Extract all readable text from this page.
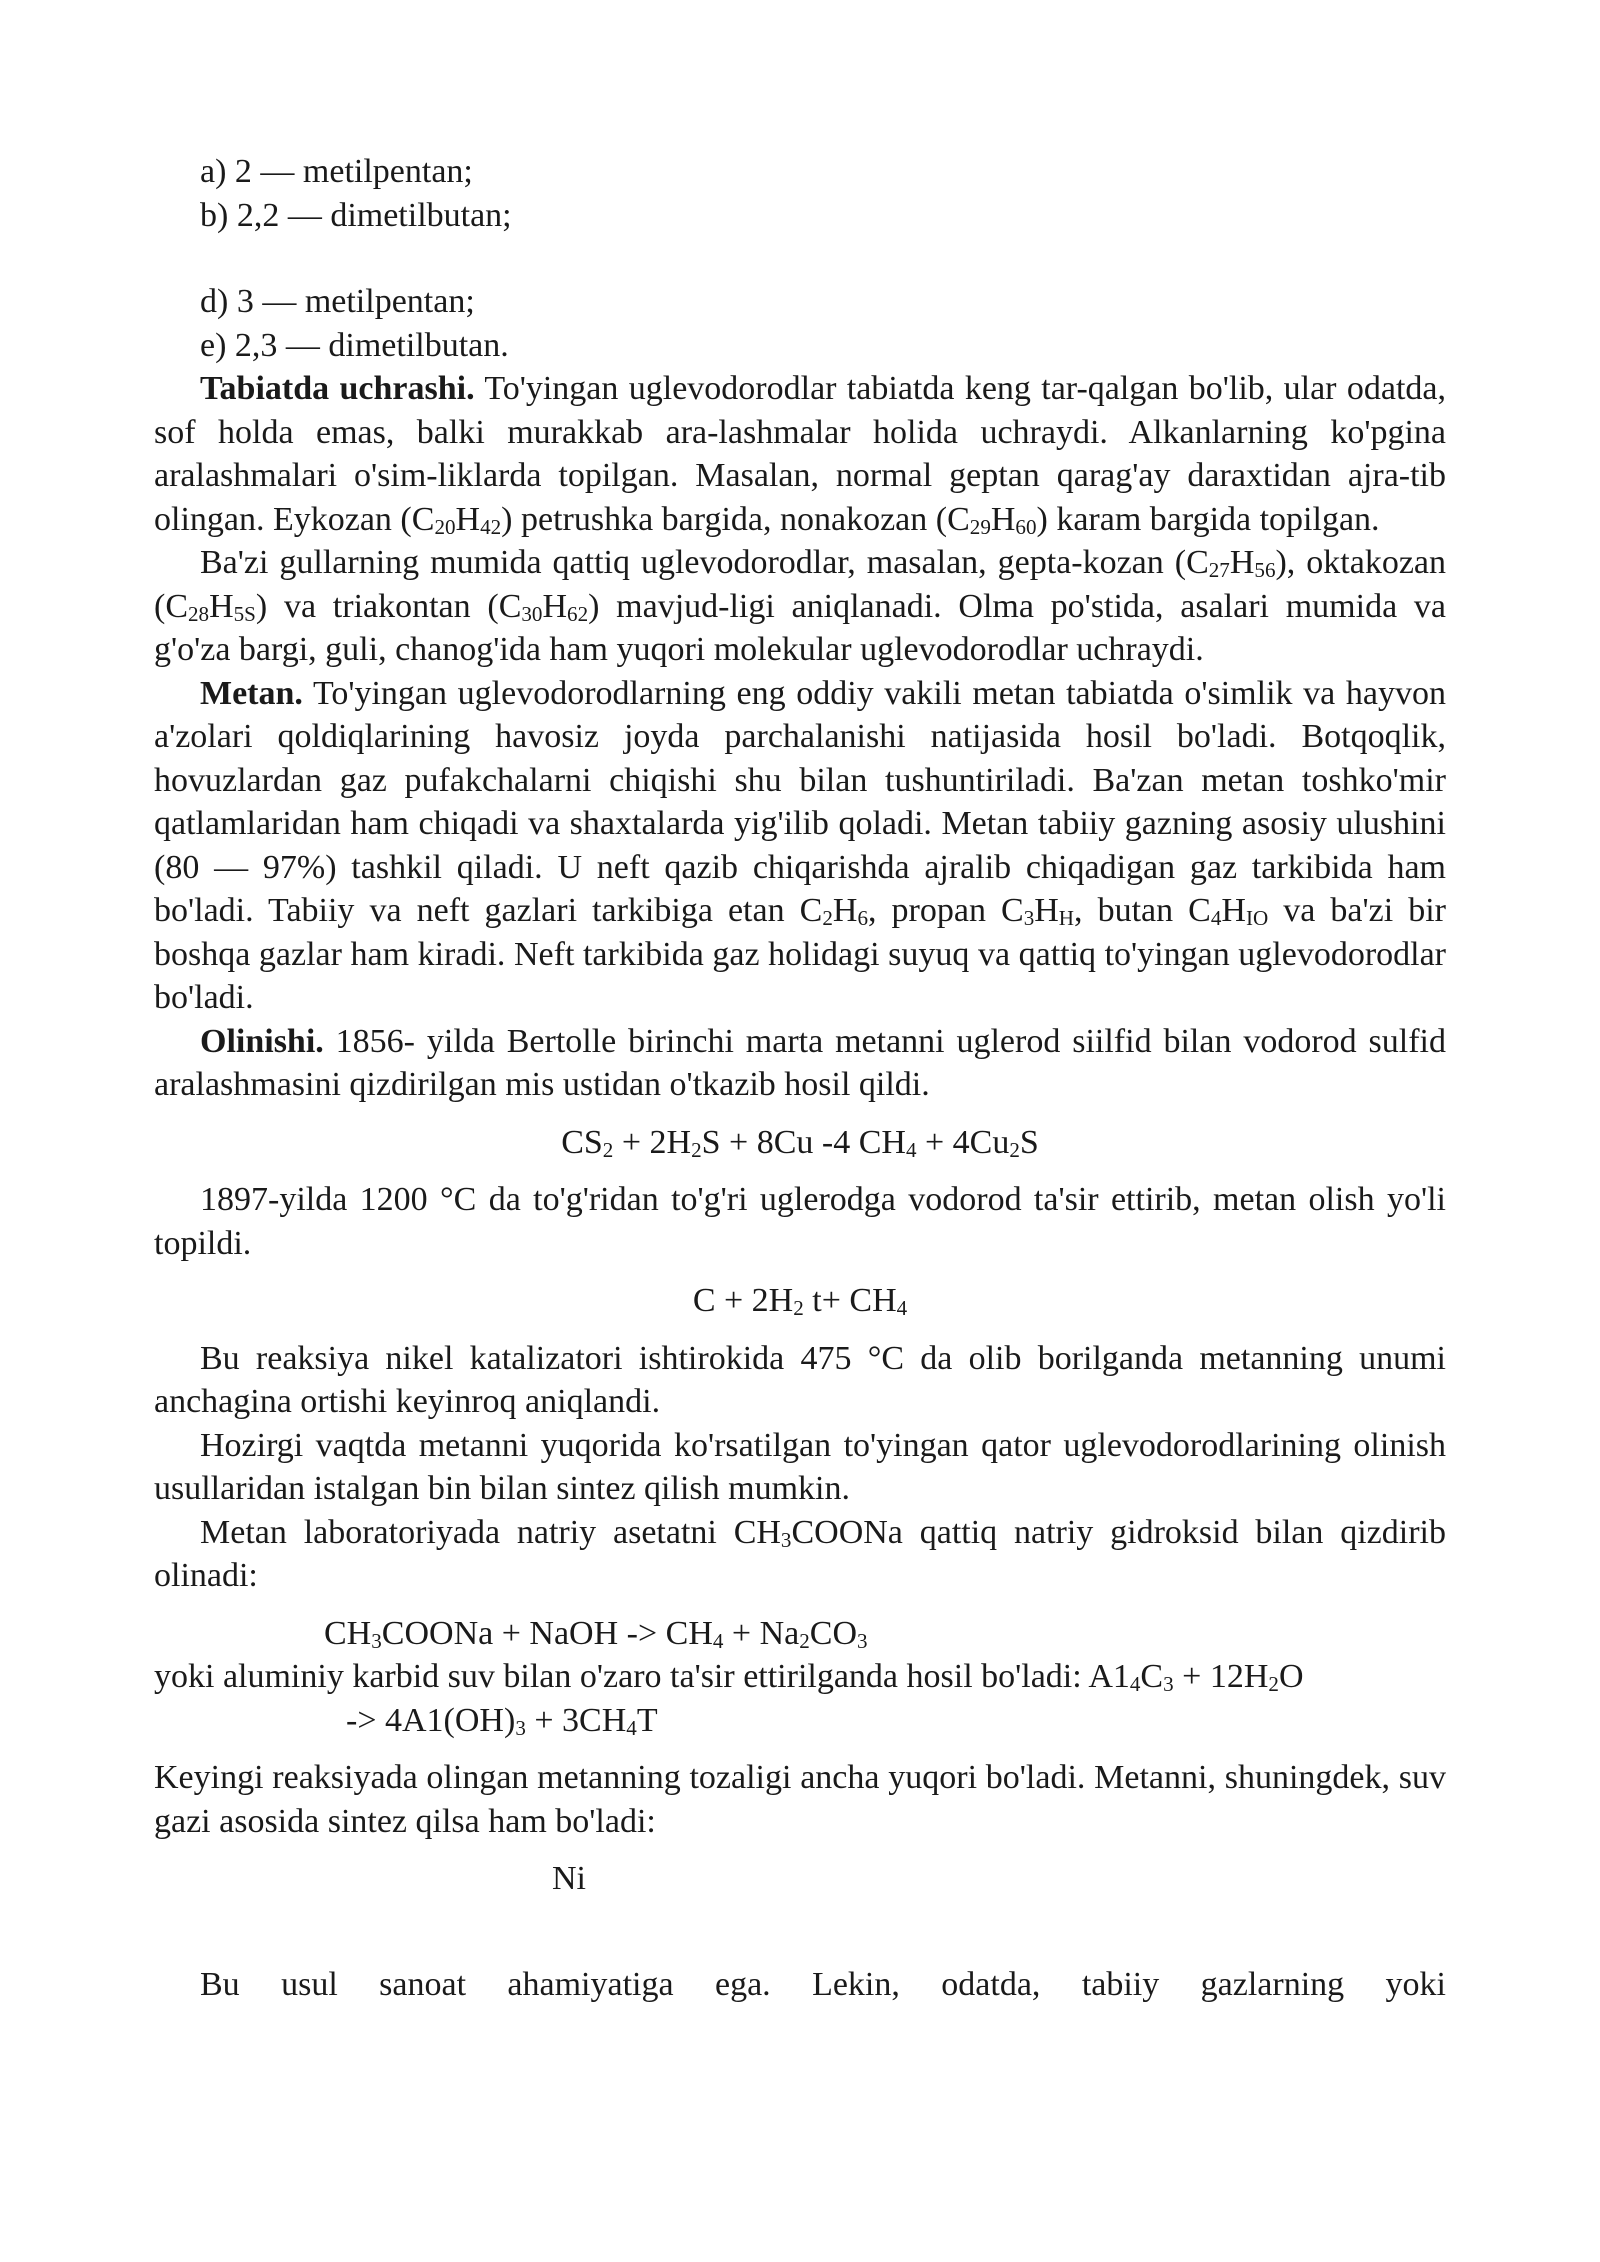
a) 2 — metilpentan;

b) 2,2 — dimetilbutan;

d) 3 — metilpentan;

e) 2,3 — dimetilbutan.

Tabiatda uchrashi. To'yingan uglevodorodlar tabiatda keng tar-qalgan bo'lib, ular odatda, sof holda emas, balki murakkab ara-lashmalar holida uchraydi. Alkanlarning ko'pgina aralashmalari o'sim-liklarda topilgan. Masalan, normal geptan qarag'ay daraxtidan ajra-tib olingan. Eykozan (C20H42) petrushka bargida, nonakozan (C29H60) karam bargida topilgan.

Ba'zi gullarning mumida qattiq uglevodorodlar, masalan, gepta-kozan (C27H56), oktakozan (C28H5S) va triakontan (C30H62) mavjud-ligi aniqlanadi. Olma po'stida, asalari mumida va g'o'za bargi, guli, chanog'ida ham yuqori molekular uglevodorodlar uchraydi.

Metan. To'yingan uglevodorodlarning eng oddiy vakili metan tabiatda o'simlik va hayvon a'zolari qoldiqlarining havosiz joyda parchalanishi natijasida hosil bo'ladi. Botqoqlik, hovuzlardan gaz pufakchalarni chiqishi shu bilan tushuntiriladi. Ba'zan metan toshko'mir qatlamlaridan ham chiqadi va shaxtalarda yig'ilib qoladi. Metan tabiiy gazning asosiy ulushini (80 — 97%) tashkil qiladi. U neft qazib chiqarishda ajralib chiqadigan gaz tarkibida ham bo'ladi. Tabiiy va neft gazlari tarkibiga etan C2H6, propan C3HH, butan C4HIO va ba'zi bir boshqa gazlar ham kiradi. Neft tarkibida gaz holidagi suyuq va qattiq to'yingan uglevodorodlar bo'ladi.

Olinishi. 1856- yilda Bertolle birinchi marta metanni uglerod siilfid bilan vodorod sulfid aralashmasini qizdirilgan mis ustidan o'tkazib hosil qildi.

CS2 + 2H2S + 8Cu -4 CH4 + 4Cu2S

1897-yilda 1200 °C da to'g'ridan to'g'ri uglerodga vodorod ta'sir ettirib, metan olish yo'li topildi.

C + 2H2 t+ CH4

Bu reaksiya nikel katalizatori ishtirokida 475 °C da olib borilganda metanning unumi anchagina ortishi keyinroq aniqlandi.

Hozirgi vaqtda metanni yuqorida ko'rsatilgan to'yingan qator uglevodorodlarining olinish usullaridan istalgan bin bilan sintez qilish mumkin.

Metan laboratoriyada natriy asetatni CH3COONa qattiq natriy gidroksid bilan qizdirib olinadi:

CH3COONa + NaOH -> CH4 + Na2CO3

yoki aluminiy karbid suv bilan o'zaro ta'sir ettirilganda hosil bo'ladi: A14C3 + 12H2O

-> 4A1(OH)3 + 3CH4T

Keyingi reaksiyada olingan metanning tozaligi ancha yuqori bo'ladi. Metanni, shuningdek, suv gazi asosida sintez qilsa ham bo'ladi:

Ni

Bu usul sanoat ahamiyatiga ega. Lekin, odatda, tabiiy gazlarning yoki
